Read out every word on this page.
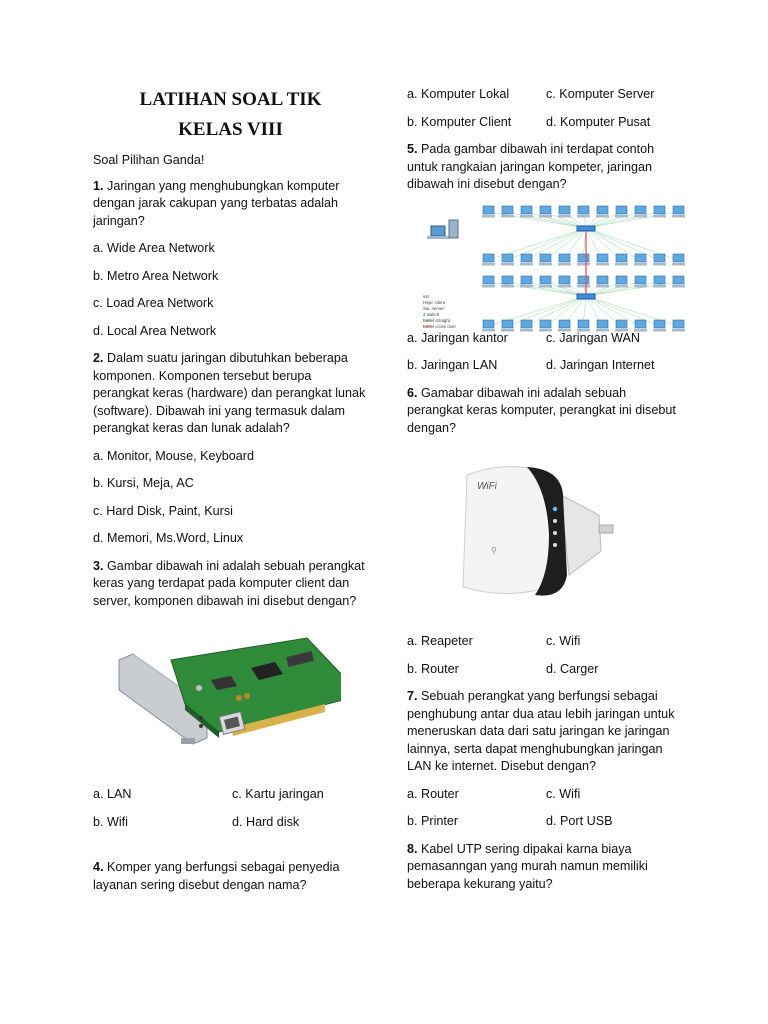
LATIHAN SOAL TIK
KELAS VIII

Soal Pilihan Ganda!

1. Jaringan yang menghubungkan komputer dengan jarak cakupan yang terbatas adalah jaringan?

a. Wide Area Network
b. Metro Area Network
c. Load Area Network
d. Local Area Network

2. Dalam suatu jaringan dibutuhkan beberapa komponen. Komponen tersebut berupa perangkat keras (hardware) dan perangkat lunak (software). Dibawah ini yang termasuk dalam perangkat keras dan lunak adalah?

a. Monitor, Mouse, Keyboard
b. Kursi, Meja, AC
c. Hard Disk, Paint, Kursi
d. Memori, Ms.Word, Linux

3. Gambar dibawah ini adalah sebuah perangkat keras yang terdapat pada komputer client dan server, komponen dibawah ini disebut dengan?

a. LAN	c. Kartu jaringan
b. Wifi	d. Hard disk

4. Komper yang berfungsi sebagai penyedia layanan sering disebut dengan nama?

a. Komputer Lokal	c. Komputer Server
b. Komputer Client	d. Komputer Pusat

5. Pada gambar dibawah ini terdapat contoh untuk rangkaian jaringan kompeter, jaringan dibawah ini disebut dengan?

sst
Hspc client
Sw. server
3 switch
Lanel straight
Lanel cross over
a. Jaringan kantor	c. Jaringan WAN
b. Jaringan LAN	d. Jaringan Internet

6. Gamabar dibawah ini adalah sebuah perangkat keras komputer, perangkat ini disebut dengan?

WiFi
⚲
a. Reapeter	c. Wifi
b. Router	d. Carger

7. Sebuah perangkat yang berfungsi sebagai penghubung antar dua atau lebih jaringan untuk meneruskan data dari satu jaringan ke jaringan lainnya, serta dapat menghubungkan jaringan LAN ke internet. Disebut dengan?

a. Router	c. Wifi
b. Printer	d. Port USB

8. Kabel UTP sering dipakai karna biaya pemasanngan yang murah namun memiliki beberapa kekurang yaitu?
